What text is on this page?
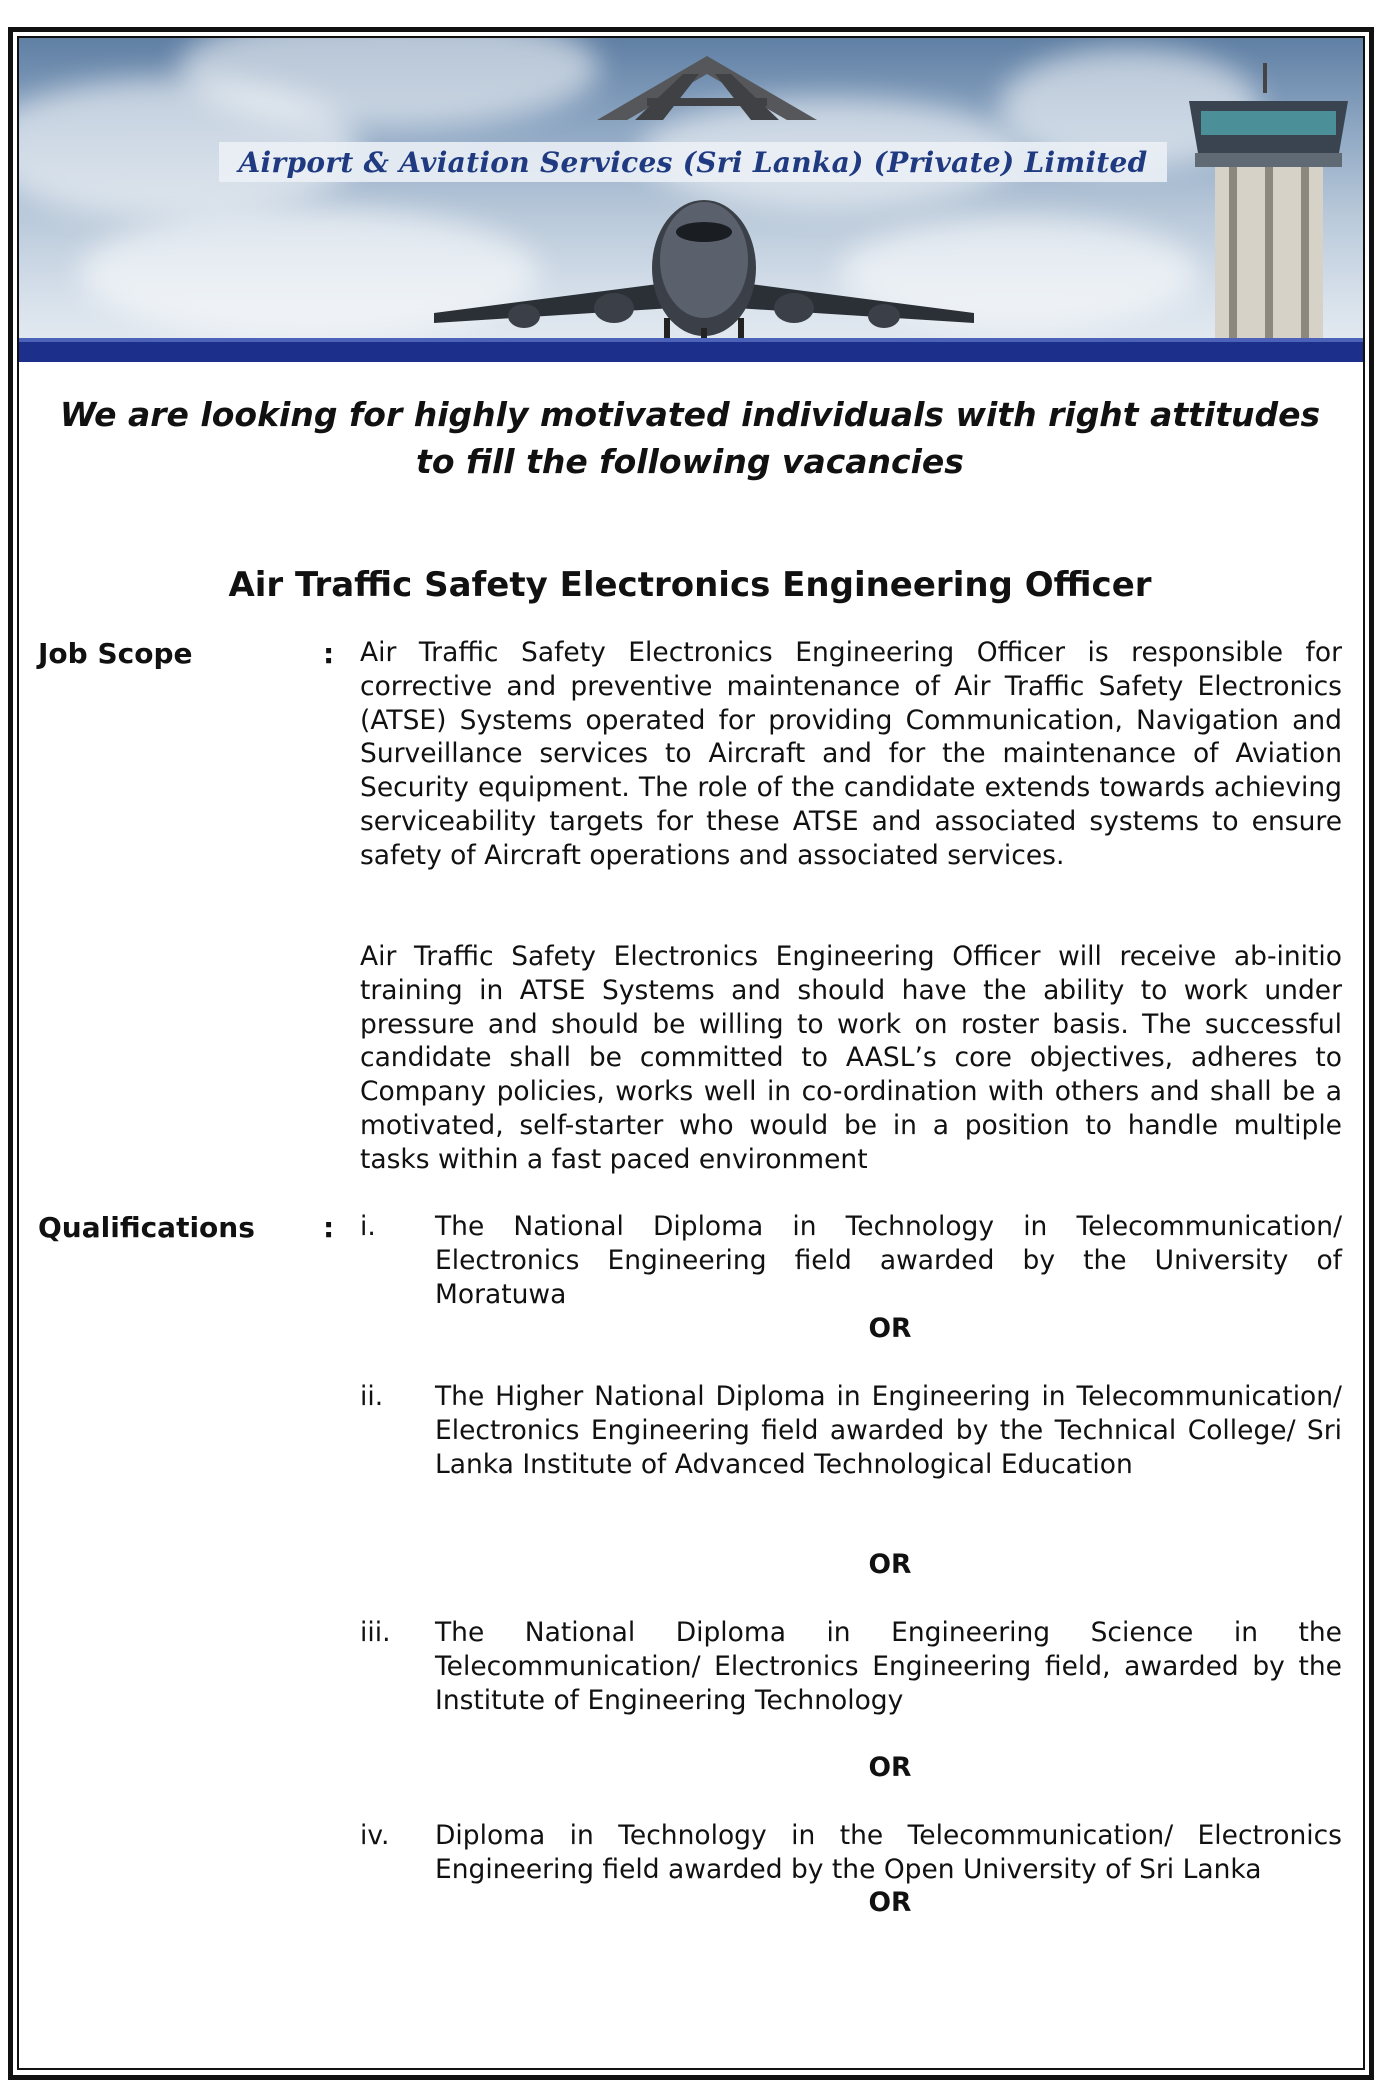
Airport & Aviation Services (Sri Lanka) (Private) Limited
We are looking for highly motivated individuals with right attitudes
to fill the following vacancies
Air Traffic Safety Electronics Engineering Officer
Job Scope	: Air Traffic Safety Electronics Engineering Officer is responsible for corrective and preventive maintenance of Air Traffic Safety Electronics (ATSE) Systems operated for providing Communication, Navigation and Surveillance services to Aircraft and for the maintenance of Aviation Security equipment. The role of the candidate extends towards achieving serviceability targets for these ATSE and associated systems to ensure safety of Aircraft operations and associated services.
Air Traffic Safety Electronics Engineering Officer will receive ab-initio training in ATSE Systems and should have the ability to work under pressure and should be willing to work on roster basis. The successful candidate shall be committed to AASL’s core objectives, adheres to Company policies, works well in co-ordination with others and shall be a motivated, self-starter who would be in a position to handle multiple tasks within a fast paced environment
Qualifications : i. The National Diploma in Technology in Telecommunication/ Electronics Engineering field awarded by the University of Moratuwa
OR
ii. The Higher National Diploma in Engineering in Telecommunication/ Electronics Engineering field awarded by the Technical College/ Sri Lanka Institute of Advanced Technological Education
OR
iii. The National Diploma in Engineering Science in the Telecommunication/ Electronics Engineering field, awarded by the Institute of Engineering Technology
OR
iv. Diploma in Technology in the Telecommunication/ Electronics Engineering field awarded by the Open University of Sri Lanka
OR
